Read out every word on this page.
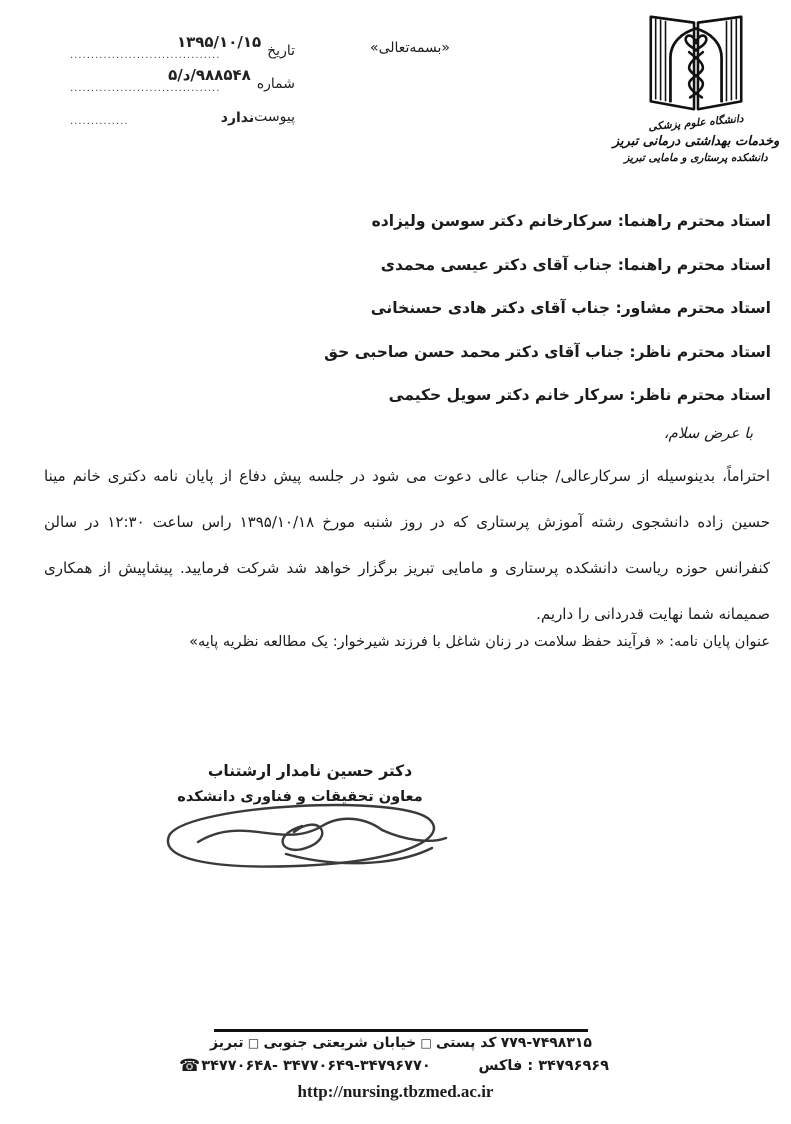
تاریخ
....................................
۱۳۹۵/۱۰/۱۵
شماره
....................................
۵/د/۹۸۸۵۴۸
پیوست
ندارد
..............
«بسمه‌تعالی»
دانشگاه علوم پزشکی
وخدمات بهداشتی درمانی تبریز
دانشکده پرستاری و مامایی تبریز
استاد محترم راهنما: سرکارخانم دکتر سوسن ولیزاده
استاد محترم راهنما: جناب آقای دکتر عیسی محمدی
استاد محترم مشاور: جناب آقای دکتر هادی حسنخانی
استاد محترم ناظر: جناب آقای دکتر محمد حسن صاحبی حق
استاد محترم ناظر: سرکار خانم دکتر سویل حکیمی
با عرض سلام،
احتراماً، بدینوسیله از سرکارعالی/ جناب عالی دعوت می شود در جلسه پیش دفاع از پایان نامه دکتری خانم مینا حسین زاده دانشجوی رشته آموزش پرستاری که در روز شنبه مورخ ۱۳۹۵/۱۰/۱۸ راس ساعت ۱۲:۳۰ در سالن کنفرانس حوزه ریاست دانشکده پرستاری و مامایی تبریز برگزار خواهد شد شرکت فرمایید. پیشاپیش از همکاری صمیمانه شما نهایت قدردانی را داریم.
عنوان پایان نامه: « فرآیند حفظ سلامت در زنان شاغل با فرزند شیرخوار: یک مطالعه نظریه پایه»
دکتر حسین نامدار ارشتناب
معاون تحقیقات و فناوری دانشکده
تبریز □ خیابان شریعتی جنوبی □ کد پستی ۵۱۳۸۹۴۷-۹۷۷
☎ ۳۴۷۷۰۶۴۸- ۳۴۷۷۰۶۴۹-۳۴۷۹۶۷۷۰	فاکس : ۳۴۷۹۶۹۶۹
http://nursing.tbzmed.ac.ir
